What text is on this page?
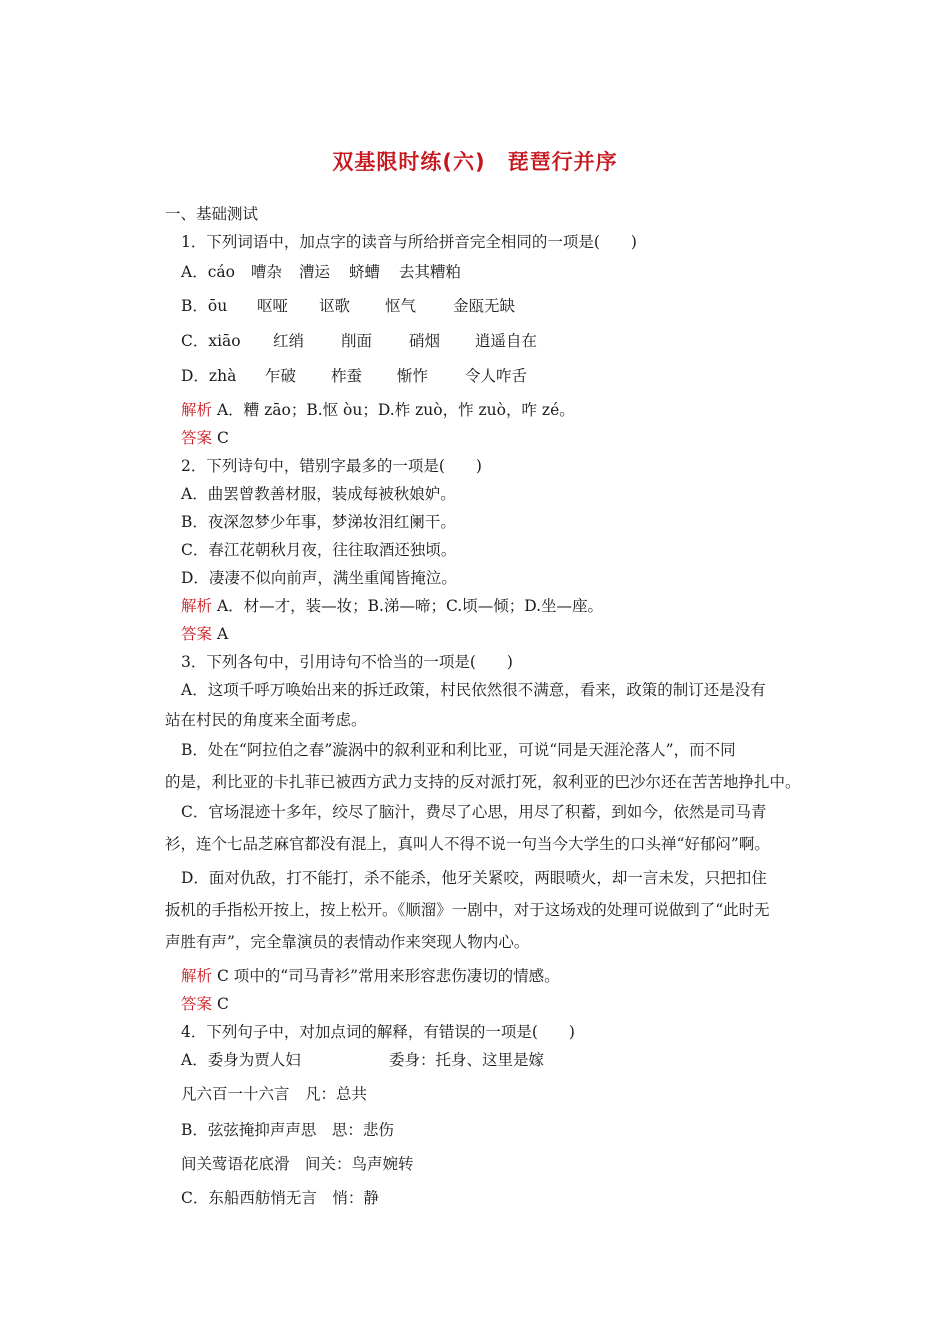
双基限时练(六)　琵琶行并序
一、基础测试
1．下列词语中，加点字的读音与所给拼音完全相同的一项是(　　)
A．cáo 嘈杂 漕运 蛴螬 去其糟粕
B．ōu 呕哑 讴歌 怄气 金瓯无缺
C．xiāo 红绡 削面 硝烟 逍遥自在
D．zhà 乍破 柞蚕 惭怍 令人咋舌
解析 A．糟 zāo；B.怄 òu；D.柞 zuò，怍 zuò，咋 zé。
答案 C
2．下列诗句中，错别字最多的一项是(　　)
A．曲罢曾教善材服，装成每被秋娘妒。
B．夜深忽梦少年事，梦涕妆泪红阑干。
C．春江花朝秋月夜，往往取酒还独顷。
D．凄凄不似向前声，满坐重闻皆掩泣。
解析 A．材—才，装—妆；B.涕—啼；C.顷—倾；D.坐—座。
答案 A
3．下列各句中，引用诗句不恰当的一项是(　　)
A．这项千呼万唤始出来的拆迁政策，村民依然很不满意，看来，政策的制订还是没有
站在村民的角度来全面考虑。
B．处在“阿拉伯之春”漩涡中的叙利亚和利比亚，可说“同是天涯沦落人”，而不同
的是，利比亚的卡扎菲已被西方武力支持的反对派打死，叙利亚的巴沙尔还在苦苦地挣扎中。
C．官场混迹十多年，绞尽了脑汁，费尽了心思，用尽了积蓄，到如今，依然是司马青
衫，连个七品芝麻官都没有混上，真叫人不得不说一句当今大学生的口头禅“好郁闷”啊。
D．面对仇敌，打不能打，杀不能杀，他牙关紧咬，两眼喷火，却一言未发，只把扣住
扳机的手指松开按上，按上松开。《顺溜》一剧中，对于这场戏的处理可说做到了“此时无
声胜有声”，完全靠演员的表情动作来突现人物内心。
解析 C 项中的“司马青衫”常用来形容悲伤凄切的情感。
答案 C
4．下列句子中，对加点词的解释，有错误的一项是(　　)
A．委身为贾人妇	委身：托身、这里是嫁
凡六百一十六言　凡：总共
B．弦弦掩抑声声思　思：悲伤
间关莺语花底滑　间关：鸟声婉转
C．东船西舫悄无言　悄：静
